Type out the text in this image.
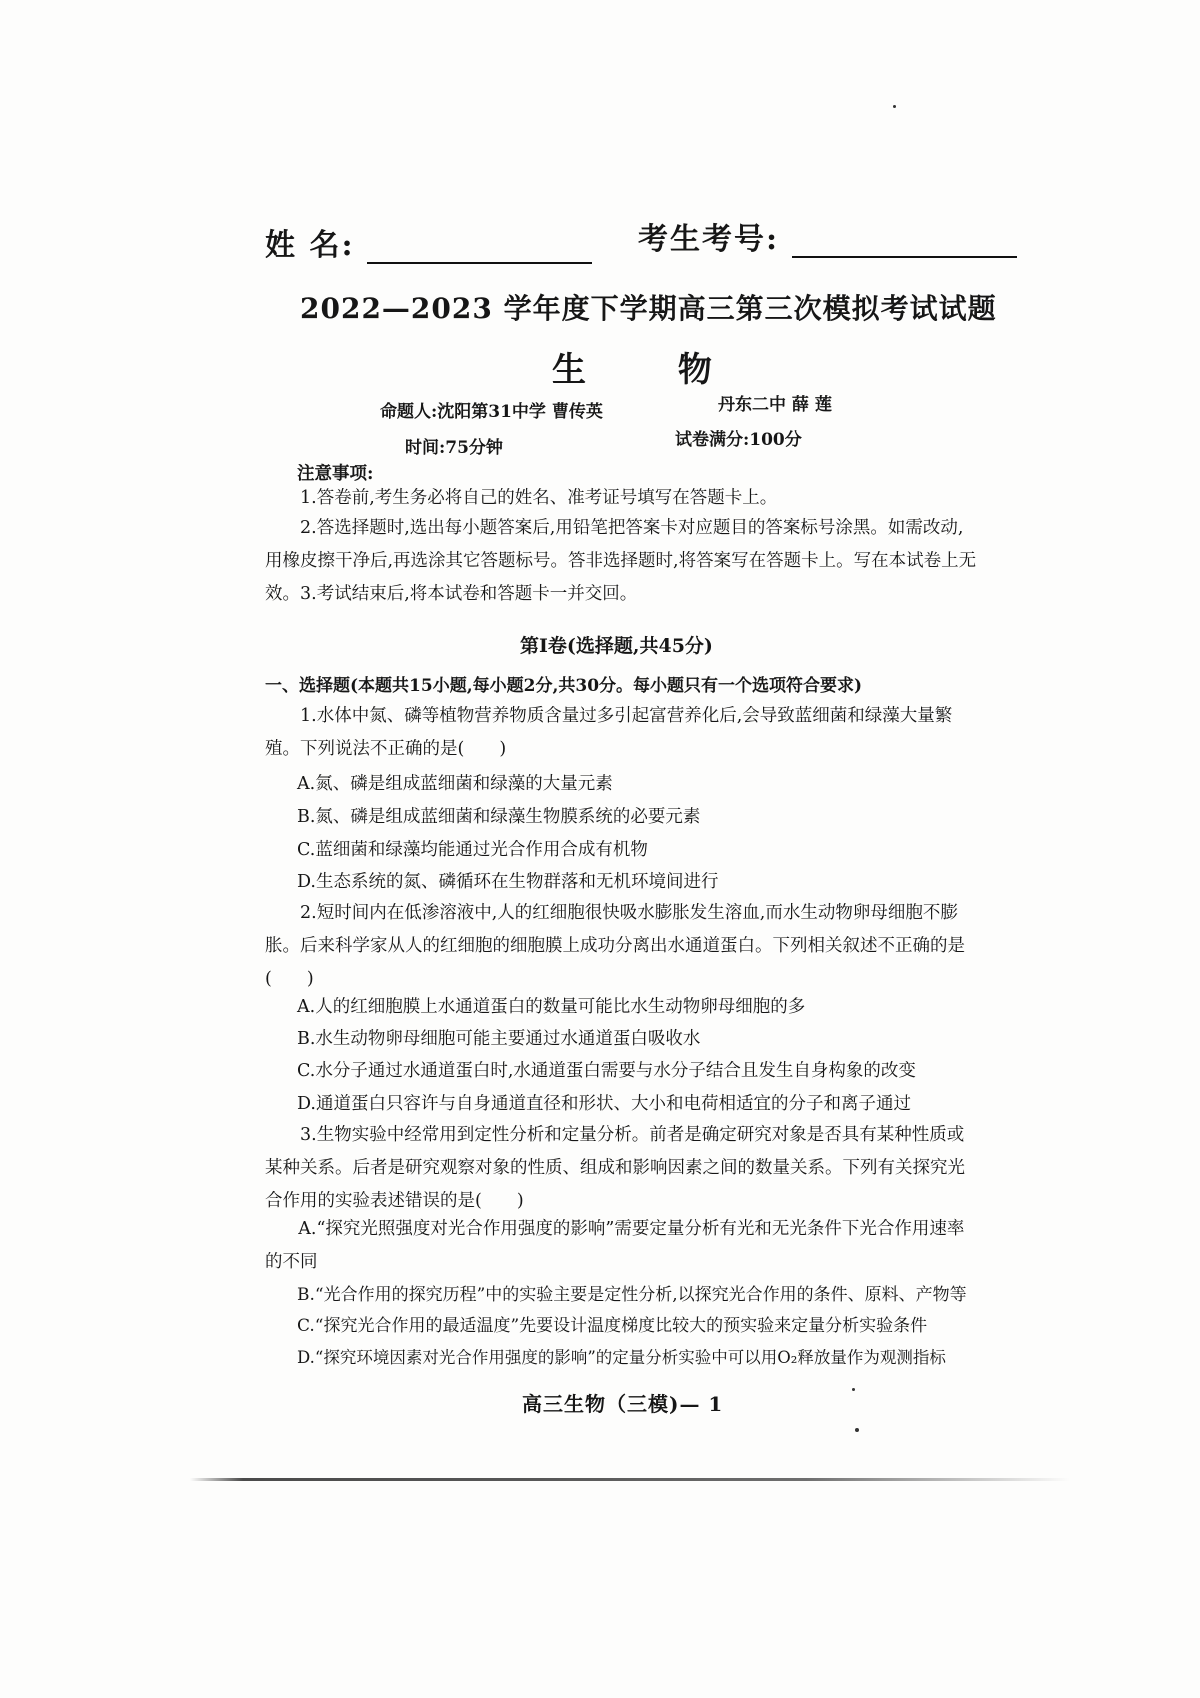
姓 名:	考生考号:
2022—2023 学年度下学期高三第三次模拟考试试题
生 物
命题人:沈阳第31中学 曹传英	丹东二中 薛 莲
时间:75分钟	试卷满分:100分
注意事项:
1.答卷前,考生务必将自己的姓名、准考证号填写在答题卡上。
2.答选择题时,选出每小题答案后,用铅笔把答案卡对应题目的答案标号涂黑。如需改动,用橡皮擦干净后,再选涂其它答题标号。答非选择题时,将答案写在答题卡上。写在本试卷上无效。 3.考试结束后,将本试卷和答题卡一并交回。
第Ⅰ卷(选择题,共45分)
一、选择题(本题共15小题,每小题2分,共30分。每小题只有一个选项符合要求)
1.水体中氮、磷等植物营养物质含量过多引起富营养化后,会导致蓝细菌和绿藻大量繁殖。下列说法不正确的是(　　)
A.氮、磷是组成蓝细菌和绿藻的大量元素
B.氮、磷是组成蓝细菌和绿藻生物膜系统的必要元素
C.蓝细菌和绿藻均能通过光合作用合成有机物
D.生态系统的氮、磷循环在生物群落和无机环境间进行
2.短时间内在低渗溶液中,人的红细胞很快吸水膨胀发生溶血,而水生动物卵母细胞不膨胀。后来科学家从人的红细胞的细胞膜上成功分离出水通道蛋白。下列相关叙述不正确的是(　　)
A.人的红细胞膜上水通道蛋白的数量可能比水生动物卵母细胞的多
B.水生动物卵母细胞可能主要通过水通道蛋白吸收水
C.水分子通过水通道蛋白时,水通道蛋白需要与水分子结合且发生自身构象的改变
D.通道蛋白只容许与自身通道直径和形状、大小和电荷相适宜的分子和离子通过
3.生物实验中经常用到定性分析和定量分析。前者是确定研究对象是否具有某种性质或某种关系。后者是研究观察对象的性质、组成和影响因素之间的数量关系。下列有关探究光合作用的实验表述错误的是(　　)
A.“探究光照强度对光合作用强度的影响”需要定量分析有光和无光条件下光合作用速率的不同
B.“光合作用的探究历程”中的实验主要是定性分析,以探究光合作用的条件、原料、产物等
C.“探究光合作用的最适温度”先要设计温度梯度比较大的预实验来定量分析实验条件
D.“探究环境因素对光合作用强度的影响”的定量分析实验中可以用O₂释放量作为观测指标
高三生物（三模)— 1
